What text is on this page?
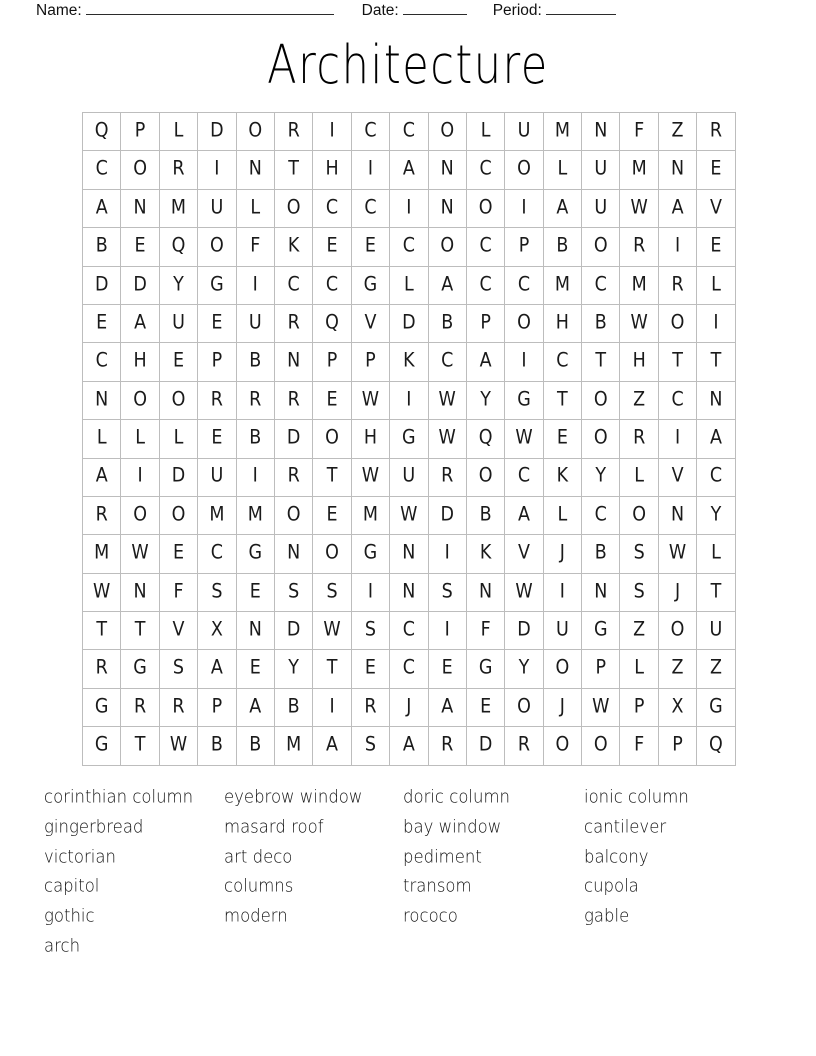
Name:	Date:	Period:
Architecture
Q P L D O R I C C O L U M N F Z R
C O R I N T H I A N C O L U M N E
A N M U L O C C I N O I A U W A V
B E Q O F K E E C O C P B O R I E
D D Y G I C C G L A C C M C M R L
E A U E U R Q V D B P O H B W O I
C H E P B N P P K C A I C T H T T
N O O R R R E W I W Y G T O Z C N
L L L E B D O H G W Q W E O R I A
A I D U I R T W U R O C K Y L V C
R O O M M O E M W D B A L C O N Y
M W E C G N O G N I K V J B S W L
W N F S E S S I N S N W I N S J T
T T V X N D W S C I F D U G Z O U
R G S A E Y T E C E G Y O P L Z Z
G R R P A B I R J A E O J W P X G
G T W B B M A S A R D R O O F P Q
corinthian column
gingerbread
victorian
capitol
gothic
arch
eyebrow window
masard roof
art deco
columns
modern
doric column
bay window
pediment
transom
rococo
ionic column
cantilever
balcony
cupola
gable
